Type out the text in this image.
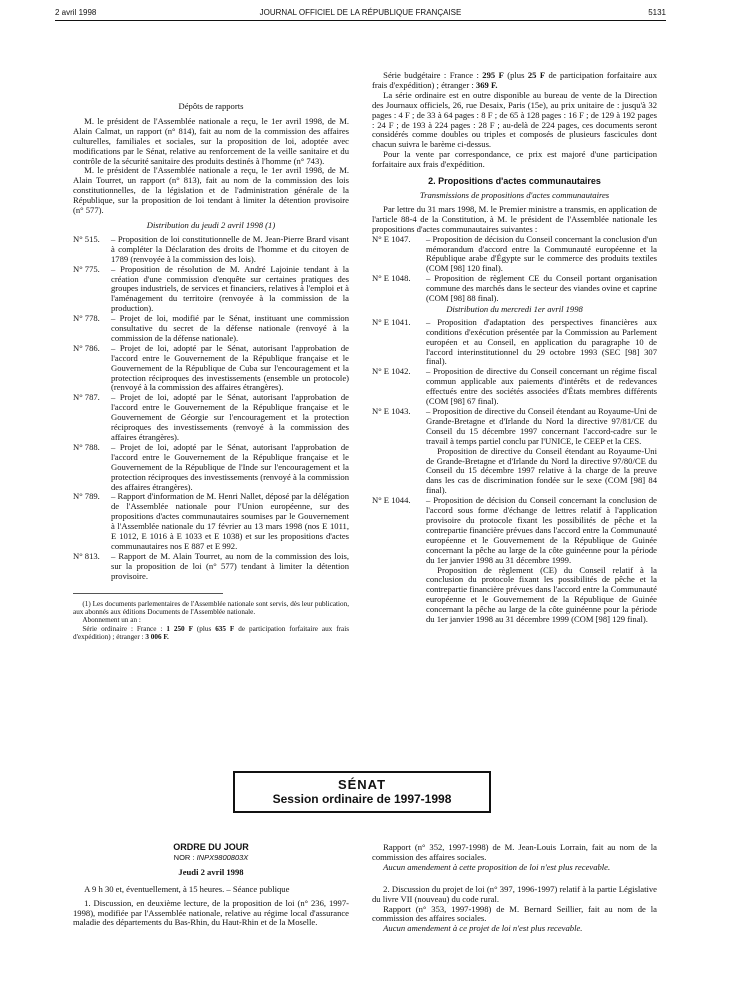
2 avril 1998	JOURNAL OFFICIEL DE LA RÉPUBLIQUE FRANÇAISE	5131

Dépôts de rapports

M. le président de l'Assemblée nationale a reçu, le 1er avril 1998, de M. Alain Calmat, un rapport (n° 814), fait au nom de la commission des affaires culturelles, familiales et sociales, sur la proposition de loi, adoptée avec modifications par le Sénat, relative au renforcement de la veille sanitaire et du contrôle de la sécurité sanitaire des produits destinés à l'homme (n° 743).

M. le président de l'Assemblée nationale a reçu, le 1er avril 1998, de M. Alain Tourret, un rapport (n° 813), fait au nom de la commission des lois constitutionnelles, de la législation et de l'administration générale de la République, sur la proposition de loi tendant à limiter la détention provisoire (n° 577).

Distribution du jeudi 2 avril 1998 (1)

N° 515.	– Proposition de loi constitutionnelle de M. Jean-Pierre Brard visant à compléter la Déclaration des droits de l'homme et du citoyen de 1789 (renvoyée à la commission des lois).
N° 775.	– Proposition de résolution de M. André Lajoinie tendant à la création d'une commission d'enquête sur certaines pratiques des groupes industriels, de services et financiers, relatives à l'emploi et à l'aménagement du territoire (renvoyée à la commission de la production).
N° 778.	– Projet de loi, modifié par le Sénat, instituant une commission consultative du secret de la défense nationale (renvoyé à la commission de la défense nationale).
N° 786.	– Projet de loi, adopté par le Sénat, autorisant l'approbation de l'accord entre le Gouvernement de la République française et le Gouvernement de la République de Cuba sur l'encouragement et la protection réciproques des investissements (ensemble un protocole) (renvoyé à la commission des affaires étrangères).
N° 787.	– Projet de loi, adopté par le Sénat, autorisant l'approbation de l'accord entre le Gouvernement de la République française et le Gouvernement de Géorgie sur l'encouragement et la protection réciproques des investissements (renvoyé à la commission des affaires étrangères).
N° 788.	– Projet de loi, adopté par le Sénat, autorisant l'approbation de l'accord entre le Gouvernement de la République française et le Gouvernement de la République de l'Inde sur l'encouragement et la protection réciproques des investissements (renvoyé à la commission des affaires étrangères).
N° 789.	– Rapport d'information de M. Henri Nallet, déposé par la délégation de l'Assemblée nationale pour l'Union européenne, sur des propositions d'actes communautaires soumises par le Gouvernement à l'Assemblée nationale du 17 février au 13 mars 1998 (nos E 1011, E 1012, E 1016 à E 1033 et E 1038) et sur les propositions d'actes communautaires nos E 887 et E 992.
N° 813.	– Rapport de M. Alain Tourret, au nom de la commission des lois, sur la proposition de loi (n° 577) tendant à limiter la détention provisoire.

(1) Les documents parlementaires de l'Assemblée nationale sont servis, dès leur publication, aux abonnés aux éditions Documents de l'Assemblée nationale.

Abonnement un an :

Série ordinaire : France : 1 250 F (plus 635 F de participation forfaitaire aux frais d'expédition) ; étranger : 3 006 F.

Série budgétaire : France : 295 F (plus 25 F de participation forfaitaire aux frais d'expédition) ; étranger : 369 F.

La série ordinaire est en outre disponible au bureau de vente de la Direction des Journaux officiels, 26, rue Desaix, Paris (15e), au prix unitaire de : jusqu'à 32 pages : 4 F ; de 33 à 64 pages : 8 F ; de 65 à 128 pages : 16 F ; de 129 à 192 pages : 24 F ; de 193 à 224 pages : 28 F ; au-delà de 224 pages, ces documents seront considérés comme doubles ou triples et composés de plusieurs fascicules dont chacun suivra le barème ci-dessus.

Pour la vente par correspondance, ce prix est majoré d'une participation forfaitaire aux frais d'expédition.

2. Propositions d'actes communautaires

Transmissions de propositions d'actes communautaires

Par lettre du 31 mars 1998, M. le Premier ministre a transmis, en application de l'article 88-4 de la Constitution, à M. le président de l'Assemblée nationale les propositions d'actes communautaires suivantes :

N° E 1047.	– Proposition de décision du Conseil concernant la conclusion d'un mémorandum d'accord entre la Communauté européenne et la République arabe d'Égypte sur le commerce des produits textiles (COM [98] 120 final).
N° E 1048.	– Proposition de règlement CE du Conseil portant organisation commune des marchés dans le secteur des viandes ovine et caprine (COM [98] 88 final).

Distribution du mercredi 1er avril 1998

N° E 1041.	– Proposition d'adaptation des perspectives financières aux conditions d'exécution présentée par la Commission au Parlement européen et au Conseil, en application du paragraphe 10 de l'accord interinstitutionnel du 29 octobre 1993 (SEC [98] 307 final).
N° E 1042.	– Proposition de directive du Conseil concernant un régime fiscal commun applicable aux paiements d'intérêts et de redevances effectués entre des sociétés associées d'États membres différents (COM [98] 67 final).
N° E 1043.	– Proposition de directive du Conseil étendant au Royaume-Uni de Grande-Bretagne et d'Irlande du Nord la directive 97/81/CE du Conseil du 15 décembre 1997 concernant l'accord-cadre sur le travail à temps partiel conclu par l'UNICE, le CEEP et la CES.
Proposition de directive du Conseil étendant au Royaume-Uni de Grande-Bretagne et d'Irlande du Nord la directive 97/80/CE du Conseil du 15 décembre 1997 relative à la charge de la preuve dans les cas de discrimination fondée sur le sexe (COM [98] 84 final).
N° E 1044.	– Proposition de décision du Conseil concernant la conclusion de l'accord sous forme d'échange de lettres relatif à l'application provisoire du protocole fixant les possibilités de pêche et la contrepartie financière prévues dans l'accord entre la Communauté européenne et le Gouvernement de la République de Guinée concernant la pêche au large de la côte guinéenne pour la période du 1er janvier 1998 au 31 décembre 1999.
Proposition de règlement (CE) du Conseil relatif à la conclusion du protocole fixant les possibilités de pêche et la contrepartie financière prévues dans l'accord entre la Communauté européenne et le Gouvernement de la République de Guinée concernant la pêche au large de la côte guinéenne pour la période du 1er janvier 1998 au 31 décembre 1999 (COM [98] 129 final).
SÉNAT
Session ordinaire de 1997-1998
ORDRE DU JOUR
NOR : INPX9800803X
Jeudi 2 avril 1998

A 9 h 30 et, éventuellement, à 15 heures. – Séance publique

1. Discussion, en deuxième lecture, de la proposition de loi (n° 236, 1997-1998), modifiée par l'Assemblée nationale, relative au régime local d'assurance maladie des départements du Bas-Rhin, du Haut-Rhin et de la Moselle.

Rapport (n° 352, 1997-1998) de M. Jean-Louis Lorrain, fait au nom de la commission des affaires sociales.

Aucun amendement à cette proposition de loi n'est plus recevable.

2. Discussion du projet de loi (n° 397, 1996-1997) relatif à la partie Législative du livre VII (nouveau) du code rural.

Rapport (n° 353, 1997-1998) de M. Bernard Seillier, fait au nom de la commission des affaires sociales.

Aucun amendement à ce projet de loi n'est plus recevable.
